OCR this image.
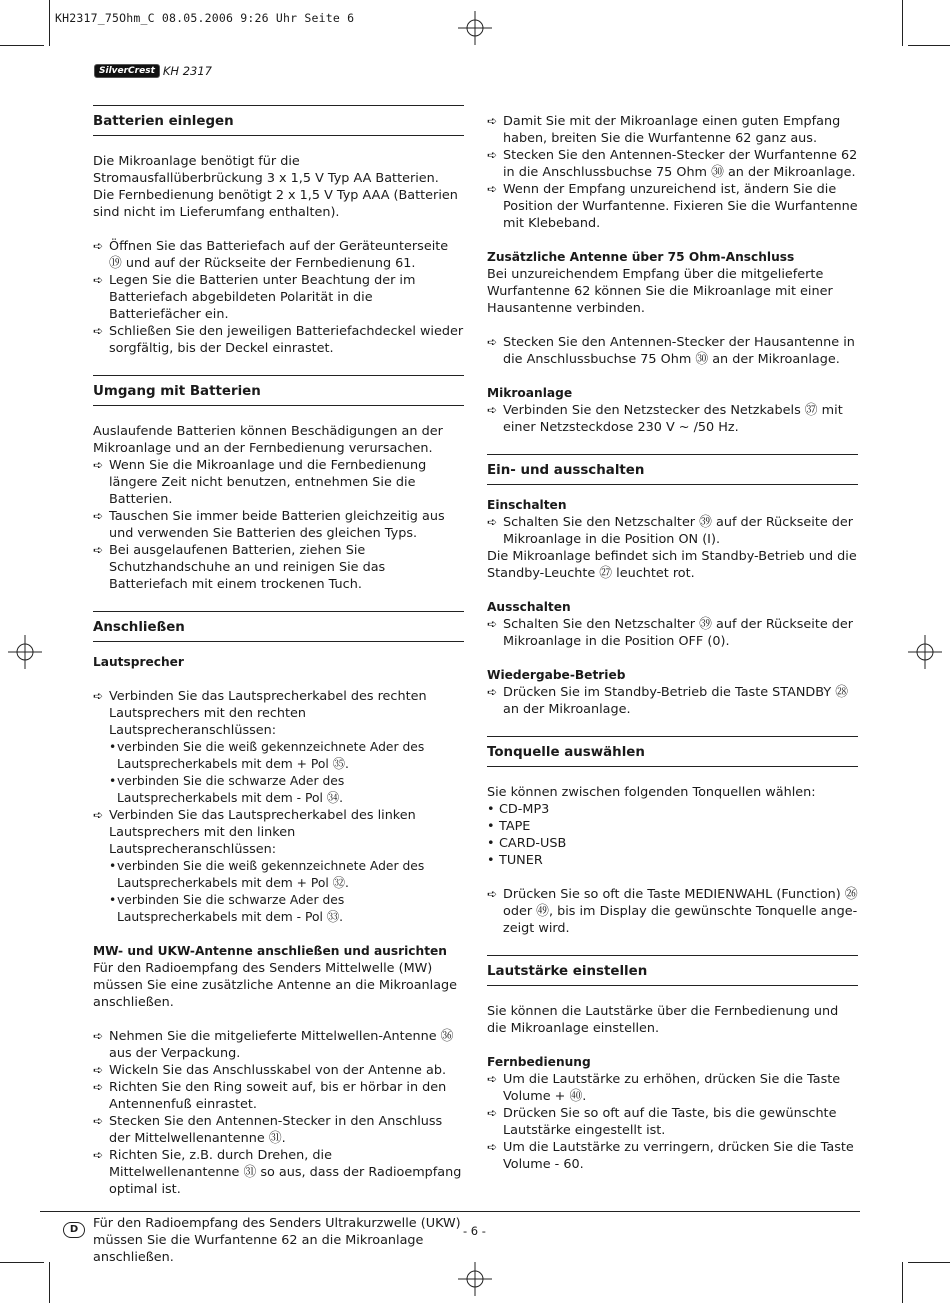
KH2317_75Ohm_C 08.05.2006 9:26 Uhr Seite 6
SilverCrest KH 2317
Batterien einlegen

Die Mikroanlage benötigt für die Stromausfallüberbrückung 3 x 1,5 V Typ AA Batterien. Die Fernbedienung benötigt 2 x 1,5 V Typ AAA (Batterien sind nicht im Lieferumfang enthalten).

➪ Öffnen Sie das Batteriefach auf der Geräteunterseite ⑲ und auf der Rückseite der Fernbedienung 61.
➪ Legen Sie die Batterien unter Beachtung der im Batteriefach abgebildeten Polarität in die Batteriefächer ein.
➪ Schließen Sie den jeweiligen Batteriefachdeckel wieder sorgfältig, bis der Deckel einrastet.
Umgang mit Batterien

Auslaufende Batterien können Beschädigungen an der Mikroanlage und an der Fernbedienung verursachen.

➪ Wenn Sie die Mikroanlage und die Fernbedienung längere Zeit nicht benutzen, entnehmen Sie die Batterien.
➪ Tauschen Sie immer beide Batterien gleichzeitig aus und verwenden Sie Batterien des gleichen Typs.
➪ Bei ausgelaufenen Batterien, ziehen Sie Schutzhandschuhe an und reinigen Sie das Batteriefach mit einem trockenen Tuch.
Anschließen

Lautsprecher

➪ Verbinden Sie das Lautsprecherkabel des rechten Lautsprechers mit den rechten Lautsprecheranschlüssen:
• verbinden Sie die weiß gekennzeichnete Ader des Lautsprecherkabels mit dem + Pol ㉟.
• verbinden Sie die schwarze Ader des Lautsprecherkabels mit dem - Pol ㉞.
➪ Verbinden Sie das Lautsprecherkabel des linken Lautsprechers mit den linken Lautsprecheranschlüssen:
• verbinden Sie die weiß gekennzeichnete Ader des Lautsprecherkabels mit dem + Pol ㉜.
• verbinden Sie die schwarze Ader des Lautsprecherkabels mit dem - Pol ㉝.

MW- und UKW-Antenne anschließen und ausrichten

Für den Radioempfang des Senders Mittelwelle (MW) müssen Sie eine zusätzliche Antenne an die Mikroanlage anschließen.

➪ Nehmen Sie die mitgelieferte Mittelwellen-Antenne ㊱ aus der Verpackung.
➪ Wickeln Sie das Anschlusskabel von der Antenne ab.
➪ Richten Sie den Ring soweit auf, bis er hörbar in den Antennenfuß einrastet.
➪ Stecken Sie den Antennen-Stecker in den Anschluss der Mittelwellenantenne ㉛.
➪ Richten Sie, z.B. durch Drehen, die Mittelwellenantenne ㉛ so aus, dass der Radioempfang optimal ist.

Für den Radioempfang des Senders Ultrakurzwelle (UKW) müssen Sie die Wurfantenne 62 an die Mikroanlage anschließen.

➪ Damit Sie mit der Mikroanlage einen guten Empfang haben, breiten Sie die Wurfantenne 62 ganz aus.
➪ Stecken Sie den Antennen-Stecker der Wurfantenne 62 in die Anschlussbuchse 75 Ohm ㉚ an der Mikroanlage.
➪ Wenn der Empfang unzureichend ist, ändern Sie die Position der Wurfantenne. Fixieren Sie die Wurfantenne mit Klebeband.

Zusätzliche Antenne über 75 Ohm-Anschluss

Bei unzureichendem Empfang über die mitgelieferte Wurfantenne 62 können Sie die Mikroanlage mit einer Hausantenne verbinden.

➪ Stecken Sie den Antennen-Stecker der Hausantenne in die Anschlussbuchse 75 Ohm ㉚ an der Mikroanlage.

Mikroanlage

➪ Verbinden Sie den Netzstecker des Netzkabels ㊲ mit einer Netzsteckdose 230 V ~ /50 Hz.
Ein- und ausschalten

Einschalten

➪ Schalten Sie den Netzschalter ㊴ auf der Rückseite der Mikroanlage in die Position ON (I).

Die Mikroanlage befindet sich im Standby-Betrieb und die Standby-Leuchte ㉗ leuchtet rot.

Ausschalten

➪ Schalten Sie den Netzschalter ㊴ auf der Rückseite der Mikroanlage in die Position OFF (0).

Wiedergabe-Betrieb

➪ Drücken Sie im Standby-Betrieb die Taste STANDBY ㉘ an der Mikroanlage.
Tonquelle auswählen

Sie können zwischen folgenden Tonquellen wählen:

• CD-MP3
• TAPE
• CARD-USB
• TUNER
➪ Drücken Sie so oft die Taste MEDIENWAHL (Function) ㉖ oder ㊾, bis im Display die gewünschte Tonquelle ange- zeigt wird.
Lautstärke einstellen

Sie können die Lautstärke über die Fernbedienung und die Mikroanlage einstellen.

Fernbedienung

➪ Um die Lautstärke zu erhöhen, drücken Sie die Taste Volume + ㊵.
➪ Drücken Sie so oft auf die Taste, bis die gewünschte Lautstärke eingestellt ist.
➪ Um die Lautstärke zu verringern, drücken Sie die Taste Volume - 60.
D	- 6 -
